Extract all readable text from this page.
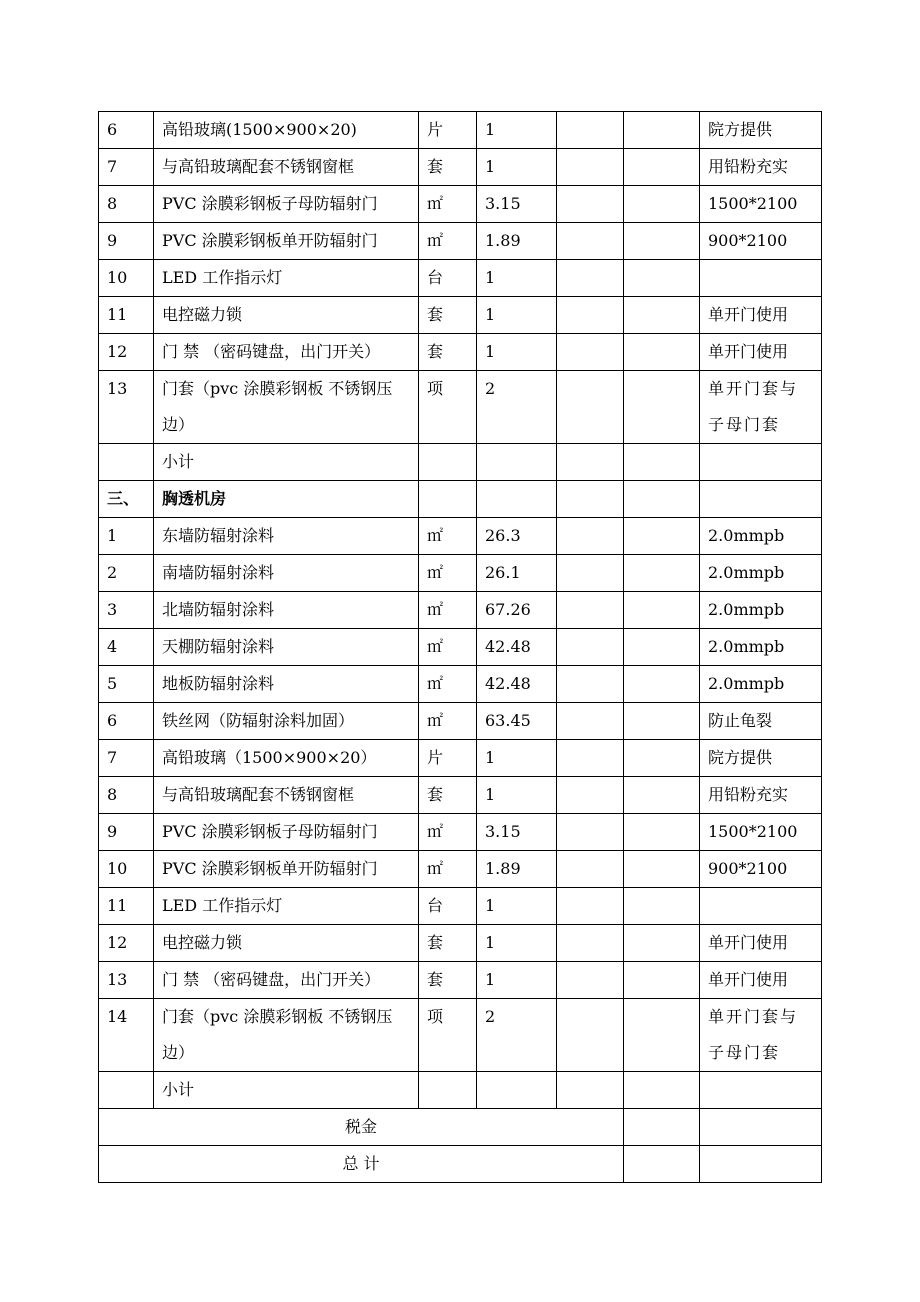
6	高铅玻璃(1500×900×20)	片	1			院方提供
7	与高铅玻璃配套不锈钢窗框	套	1			用铅粉充实
8	PVC 涂膜彩钢板子母防辐射门	㎡	3.15			1500*2100
9	PVC 涂膜彩钢板单开防辐射门	㎡	1.89			900*2100
10	LED 工作指示灯	台	1			
11	电控磁力锁	套	1			单开门使用
12	门 禁 （密码键盘，出门开关）	套	1			单开门使用
13	门套（pvc 涂膜彩钢板 不锈钢压边）	项	2			单开门套与子母门套
	小计					
三、	胸透机房					
1	东墙防辐射涂料	㎡	26.3			2.0mmpb
2	南墙防辐射涂料	㎡	26.1			2.0mmpb
3	北墙防辐射涂料	㎡	67.26			2.0mmpb
4	天棚防辐射涂料	㎡	42.48			2.0mmpb
5	地板防辐射涂料	㎡	42.48			2.0mmpb
6	铁丝网（防辐射涂料加固）	㎡	63.45			防止龟裂
7	高铅玻璃（1500×900×20）	片	1			院方提供
8	与高铅玻璃配套不锈钢窗框	套	1			用铅粉充实
9	PVC 涂膜彩钢板子母防辐射门	㎡	3.15			1500*2100
10	PVC 涂膜彩钢板单开防辐射门	㎡	1.89			900*2100
11	LED 工作指示灯	台	1			
12	电控磁力锁	套	1			单开门使用
13	门 禁 （密码键盘，出门开关）	套	1			单开门使用
14	门套（pvc 涂膜彩钢板 不锈钢压边）	项	2			单开门套与子母门套
	小计					
税金						
总 计						
